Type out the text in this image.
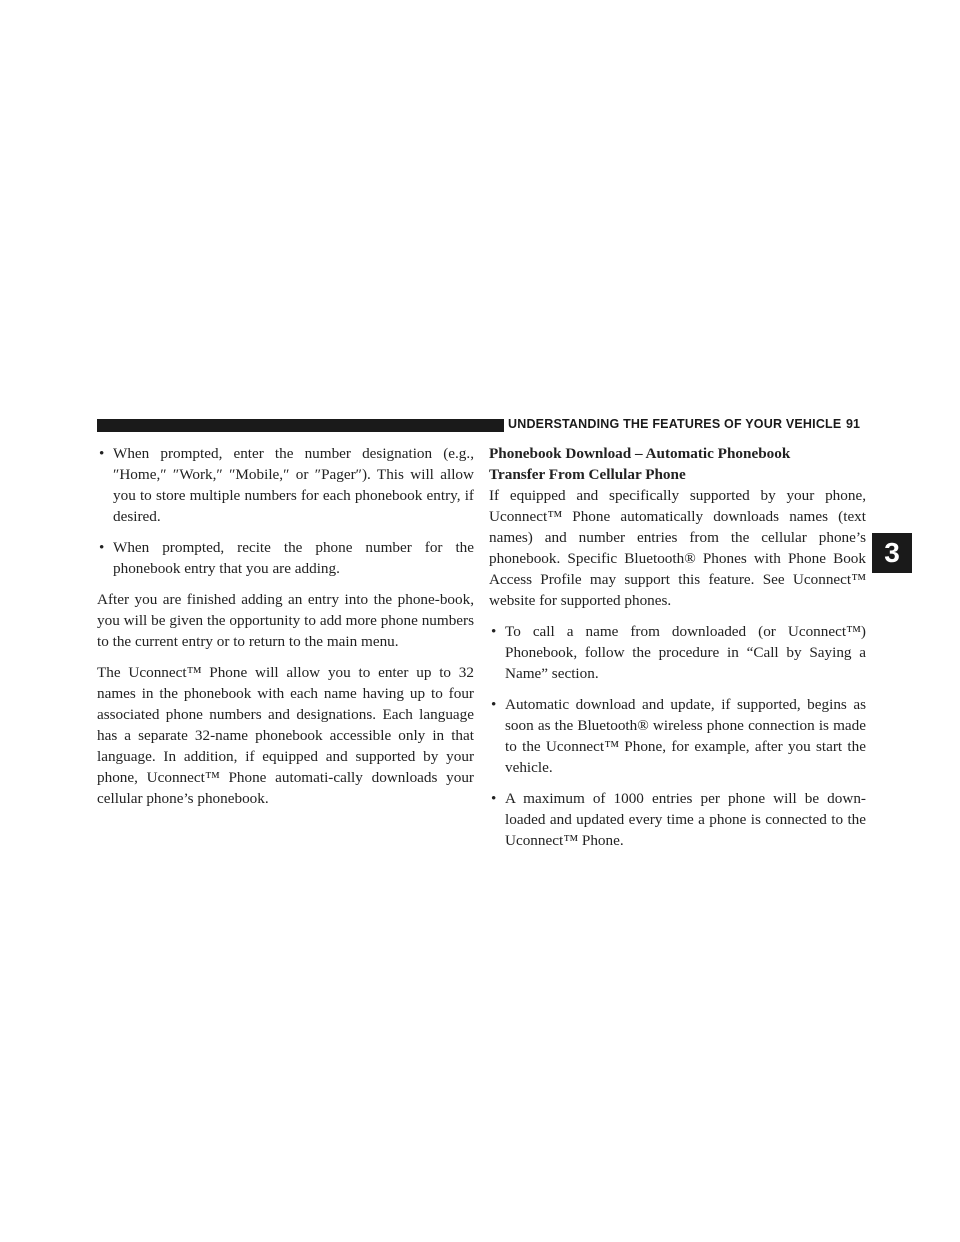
UNDERSTANDING THE FEATURES OF YOUR VEHICLE 91
3
• When prompted, enter the number designation (e.g., ″Home,″ ″Work,″ ″Mobile,″ or ″Pager″). This will allow you to store multiple numbers for each phonebook entry, if desired.
• When prompted, recite the phone number for the phonebook entry that you are adding.

After you are finished adding an entry into the phone-book, you will be given the opportunity to add more phone numbers to the current entry or to return to the main menu.

The Uconnect™ Phone will allow you to enter up to 32 names in the phonebook with each name having up to four associated phone numbers and designations. Each language has a separate 32-name phonebook accessible only in that language. In addition, if equipped and supported by your phone, Uconnect™ Phone automati-cally downloads your cellular phone’s phonebook.

Phonebook Download – Automatic Phonebook
Transfer From Cellular Phone

If equipped and specifically supported by your phone, Uconnect™ Phone automatically downloads names (text names) and number entries from the cellular phone’s phonebook. Specific Bluetooth® Phones with Phone Book Access Profile may support this feature. See Uconnect™ website for supported phones.

• To call a name from downloaded (or Uconnect™) Phonebook, follow the procedure in “Call by Saying a Name” section.
• Automatic download and update, if supported, begins as soon as the Bluetooth® wireless phone connection is made to the Uconnect™ Phone, for example, after you start the vehicle.
• A maximum of 1000 entries per phone will be down-loaded and updated every time a phone is connected to the Uconnect™ Phone.
